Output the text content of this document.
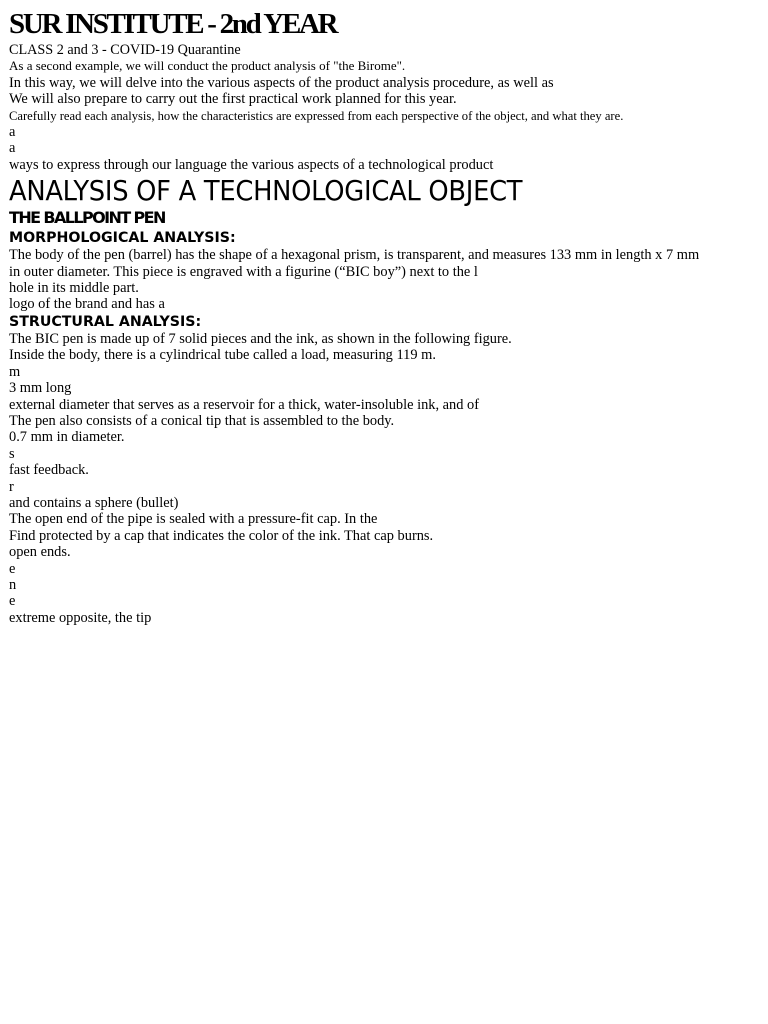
SUR INSTITUTE - 2nd YEAR
CLASS 2 and 3 - COVID-19 Quarantine
As a second example, we will conduct the product analysis of "the Birome".
In this way, we will delve into the various aspects of the product analysis procedure, as well as
We will also prepare to carry out the first practical work planned for this year.
Carefully read each analysis, how the characteristics are expressed from each perspective of the object, and what they are.
a
a
ways to express through our language the various aspects of a technological product
ANALYSIS OF A TECHNOLOGICAL OBJECT
THE BALLPOINT PEN
MORPHOLOGICAL ANALYSIS:
The body of the pen (barrel) has the shape of a hexagonal prism, is transparent, and measures 133 mm in length x 7 mm in outer diameter. This piece is engraved with a figurine (“BIC boy”) next to the l
hole in its middle part.
logo of the brand and has a
STRUCTURAL ANALYSIS:
The BIC pen is made up of 7 solid pieces and the ink, as shown in the following figure.
Inside the body, there is a cylindrical tube called a load, measuring 119 m.
m
3 mm long
external diameter that serves as a reservoir for a thick, water-insoluble ink, and of
The pen also consists of a conical tip that is assembled to the body.
0.7 mm in diameter.
s
fast feedback.
r
and contains a sphere (bullet)
The open end of the pipe is sealed with a pressure-fit cap. In the
Find protected by a cap that indicates the color of the ink. That cap burns.
open ends.
e
n
e
extreme opposite, the tip
